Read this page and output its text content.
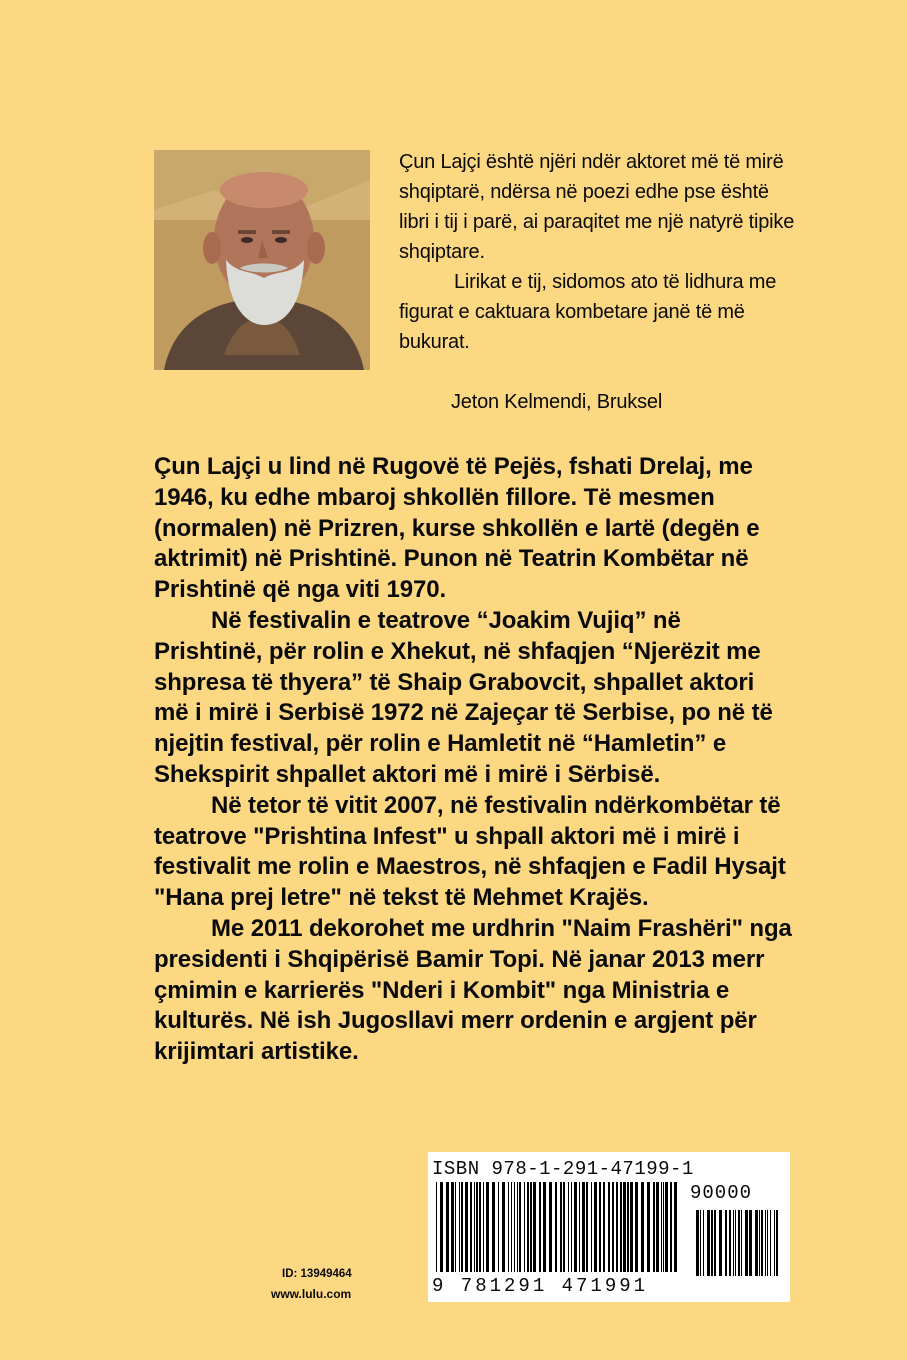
Çun Lajçi është njëri ndër aktoret më të mirë shqiptarë, ndërsa në poezi edhe pse është libri i tij i parë, ai paraqitet me një natyrë tipike shqiptare.

Lirikat e tij, sidomos ato të lidhura me figurat e caktuara kombetare janë të më bukurat.

Jeton Kelmendi, Bruksel

Çun Lajçi u lind në Rugovë të Pejës, fshati Drelaj, me 1946, ku edhe mbaroj shkollën fillore. Të mesmen (normalen) në Prizren, kurse shkollën e lartë (degën e aktrimit) në Prishtinë. Punon në Teatrin Kombëtar në Prishtinë që nga viti 1970.

Në festivalin e teatrove “Joakim Vujiq” në Prishtinë, për rolin e Xhekut, në shfaqjen “Njerëzit me shpresa të thyera” të Shaip Grabovcit, shpallet aktori më i mirë i Serbisë 1972 në Zajeçar të Serbise, po në të njejtin festival, për rolin e Hamletit në “Hamletin” e Shekspirit shpallet aktori më i mirë i Sërbisë.

Në tetor të vitit 2007, në festivalin ndërkombëtar të teatrove "Prishtina Infest" u shpall aktori më i mirë i festivalit me rolin e Maestros, në shfaqjen e Fadil Hysajt "Hana prej letre" në tekst të Mehmet Krajës.

Me 2011 dekorohet me urdhrin "Naim Frashëri" nga presidenti i Shqipërisë Bamir Topi. Në janar 2013 merr çmimin e karrierës "Nderi i Kombit" nga Ministria e kulturës. Në ish Jugosllavi merr ordenin e argjent për krijimtari artistike.

ISBN 978-1-291-47199-1
90000
9 781291 471991
ID: 13949464
www.lulu.com
